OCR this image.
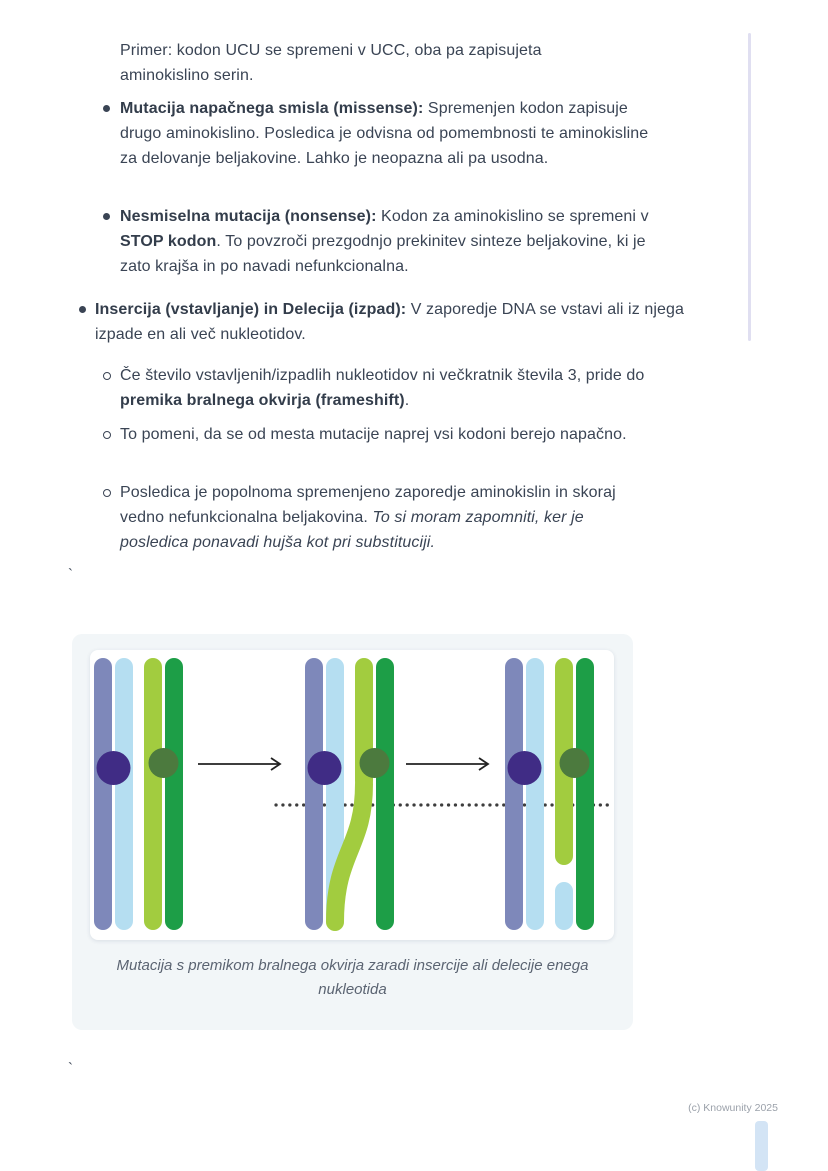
Primer: kodon UCU se spremeni v UCC, oba pa zapisujeta aminokislino serin.
Mutacija napačnega smisla (missense): Spremenjen kodon zapisuje drugo aminokislino. Posledica je odvisna od pomembnosti te aminokisline za delovanje beljakovine. Lahko je neopazna ali pa usodna.
Nesmiselna mutacija (nonsense): Kodon za aminokislino se spremeni v STOP kodon. To povzroči prezgodnjo prekinitev sinteze beljakovine, ki je zato krajša in po navadi nefunkcionalna.
Insercija (vstavljanje) in Delecija (izpad): V zaporedje DNA se vstavi ali iz njega izpade en ali več nukleotidov.
Če število vstavljenih/izpadlih nukleotidov ni večkratnik števila 3, pride do premika bralnega okvirja (frameshift).
To pomeni, da se od mesta mutacije naprej vsi kodoni berejo napačno.
Posledica je popolnoma spremenjeno zaporedje aminokislin in skoraj vedno nefunkcionalna beljakovina. To si moram zapomniti, ker je posledica ponavadi hujša kot pri substituciji.
`
Mutacija s premikom bralnega okvirja zaradi insercije ali delecije enega nukleotida
`
(c) Knowunity 2025
